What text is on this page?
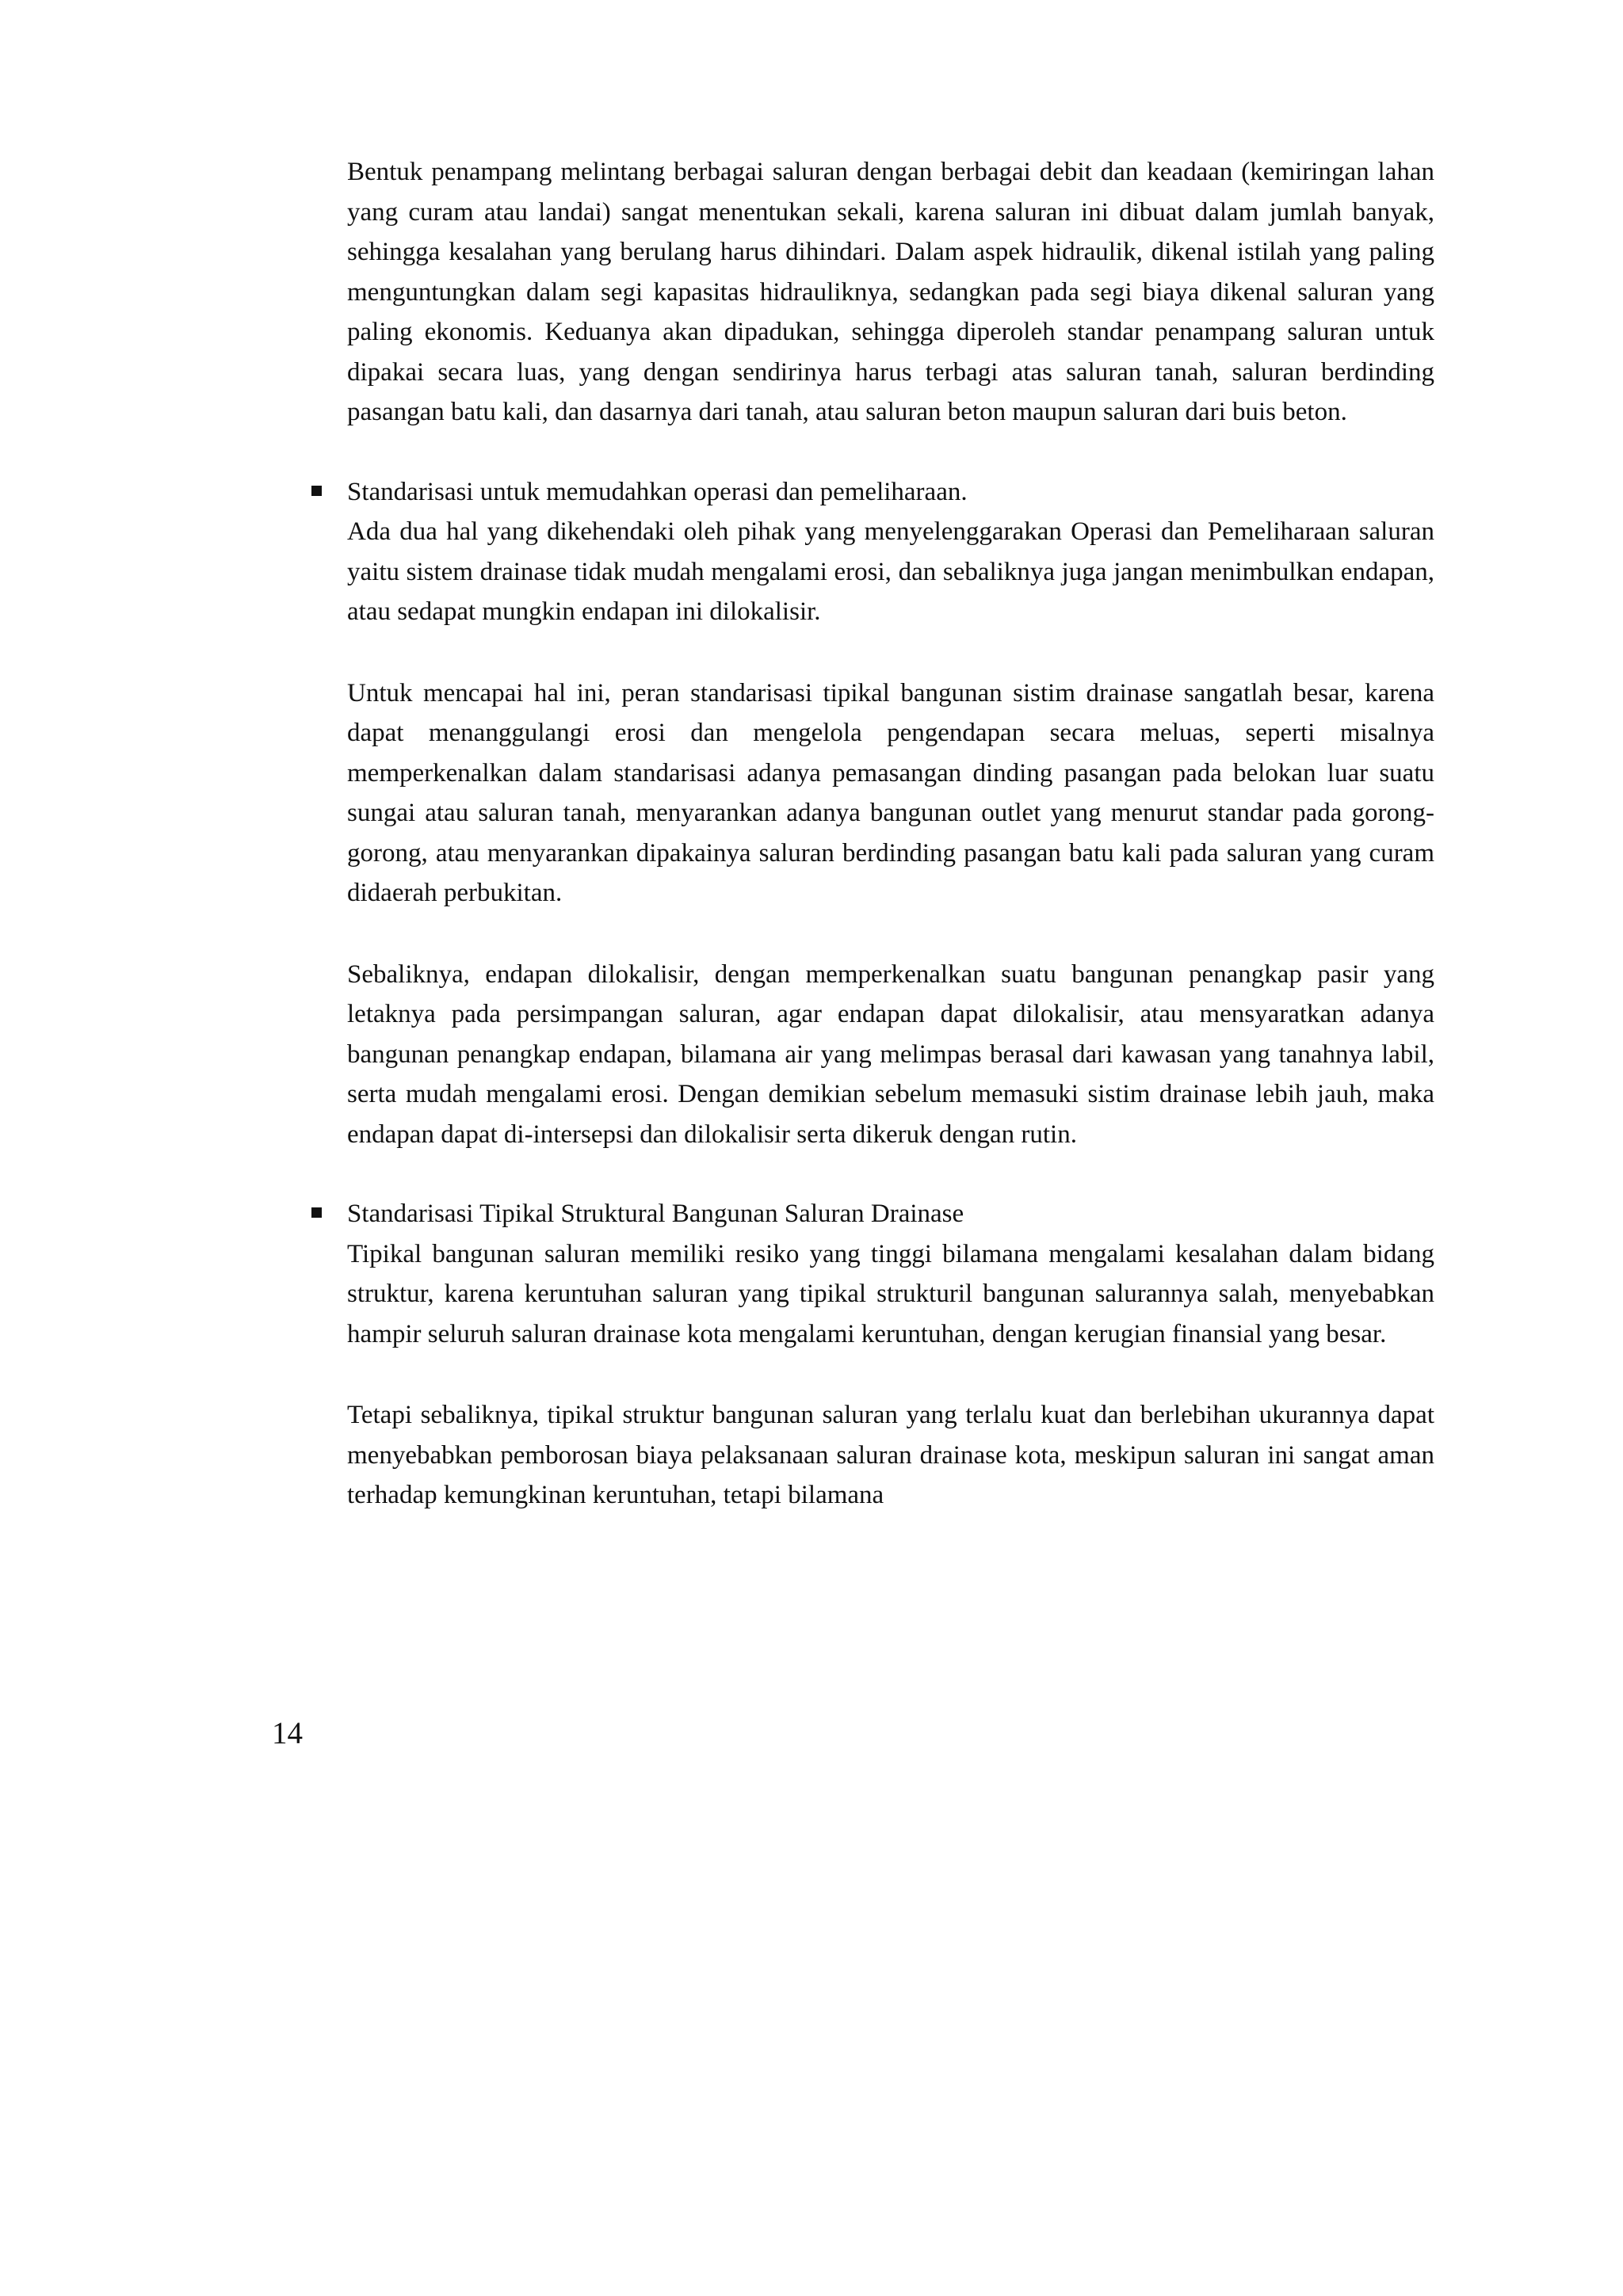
Bentuk penampang melintang berbagai saluran dengan berbagai debit dan keadaan (kemiringan lahan yang curam atau landai) sangat menentukan sekali, karena saluran ini dibuat dalam jumlah banyak, sehingga kesalahan yang berulang harus dihindari. Dalam aspek hidraulik, dikenal istilah yang paling menguntungkan dalam segi kapasitas hidrauliknya, sedangkan pada segi biaya dikenal saluran yang paling ekonomis. Keduanya akan dipadukan, sehingga diperoleh standar penampang saluran untuk dipakai secara luas, yang dengan sendirinya harus terbagi atas saluran tanah, saluran berdinding pasangan batu kali, dan dasarnya dari tanah, atau saluran beton maupun saluran dari buis beton.

Standarisasi untuk memudahkan operasi dan pemeliharaan.

Ada dua hal yang dikehendaki oleh pihak yang menyelenggarakan Operasi dan Pemeliharaan saluran yaitu sistem drainase tidak mudah mengalami erosi, dan sebaliknya juga jangan menimbulkan endapan, atau sedapat mungkin endapan ini dilokalisir.

Untuk mencapai hal ini, peran standarisasi tipikal bangunan sistim drainase sangatlah besar, karena dapat menanggulangi erosi dan mengelola pengendapan secara meluas, seperti misalnya memperkenalkan dalam standarisasi adanya pemasangan dinding pasangan pada belokan luar suatu sungai atau saluran tanah, menyarankan adanya bangunan outlet yang menurut standar pada gorong-gorong, atau menyarankan dipakainya saluran berdinding pasangan batu kali pada saluran yang curam didaerah perbukitan.

Sebaliknya, endapan dilokalisir, dengan memperkenalkan suatu bangunan penangkap pasir yang letaknya pada persimpangan saluran, agar endapan dapat dilokalisir, atau mensyaratkan adanya bangunan penangkap endapan, bilamana air yang melimpas berasal dari kawasan yang tanahnya labil, serta mudah mengalami erosi. Dengan demikian sebelum memasuki sistim drainase lebih jauh, maka endapan dapat di-intersepsi dan dilokalisir serta dikeruk dengan rutin.

Standarisasi Tipikal Struktural Bangunan Saluran Drainase

Tipikal bangunan saluran memiliki resiko yang tinggi bilamana mengalami kesalahan dalam bidang struktur, karena keruntuhan saluran yang tipikal strukturil bangunan salurannya salah, menyebabkan hampir seluruh saluran drainase kota mengalami keruntuhan, dengan kerugian finansial yang besar.

Tetapi sebaliknya, tipikal struktur bangunan saluran yang terlalu kuat dan berlebihan ukurannya dapat menyebabkan pemborosan biaya pelaksanaan saluran drainase kota, meskipun saluran ini sangat aman terhadap kemungkinan keruntuhan, tetapi bilamana

14
